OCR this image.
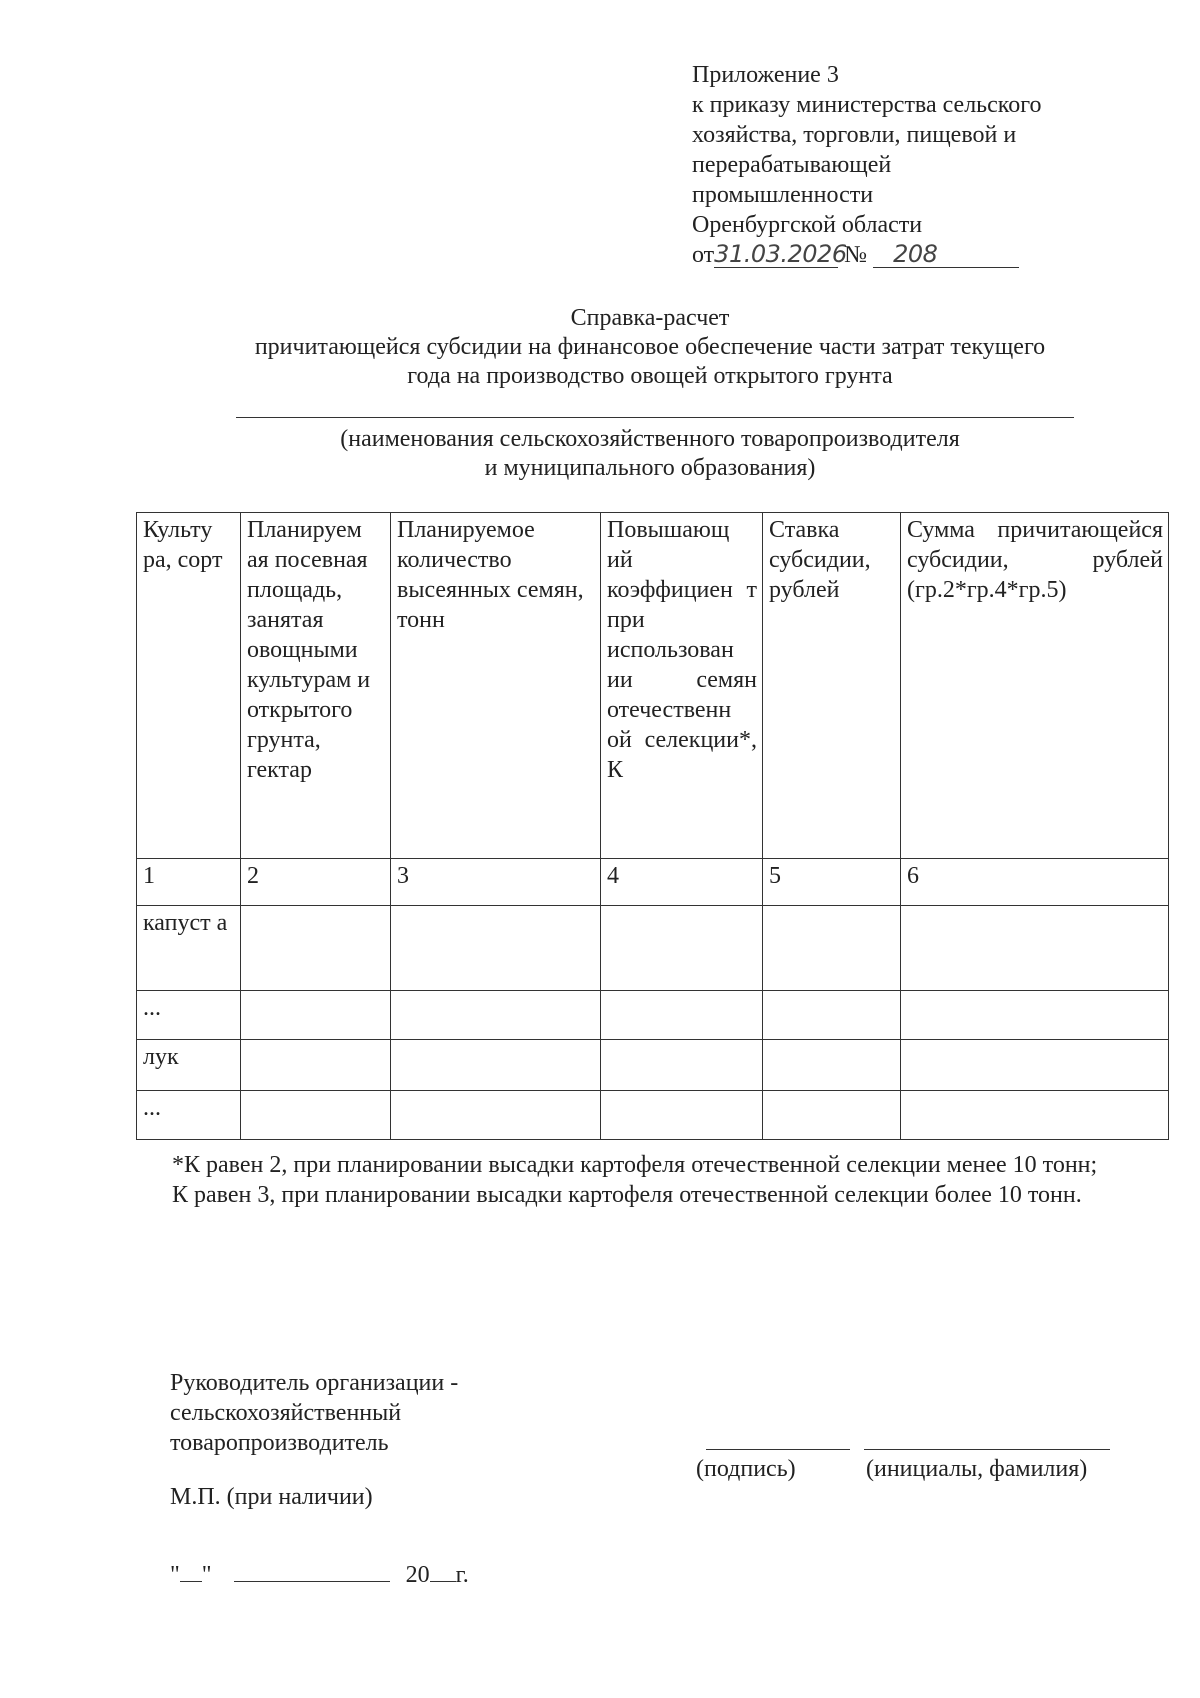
Приложение 3
к приказу министерства сельского
хозяйства, торговли, пищевой и
перерабатывающей
промышленности
Оренбургской области
от31.03.2026 № 208
Справка-расчет
причитающейся субсидии на финансовое обеспечение части затрат текущего
года на производство овощей открытого грунта
(наименования сельскохозяйственного товаропроизводителя
и муниципального образования)
Культу ра, сорт	Планируем ая посевная площадь, занятая овощными культурам и открытого грунта, гектар	Планируемое количество высеянных семян, тонн	Повышающ ий коэффициен т при использован ии семян отечественн ой селекции*, К	Ставка субсидии, рублей	Сумма причитающейся субсидии, рублей (гр.2*гр.4*гр.5)
1	2	3	4	5	6
капуст а					
...					
лук					
...					

*К равен 2, при планировании высадки картофеля отечественной селекции менее 10 тонн;

К равен 3, при планировании высадки картофеля отечественной селекции более 10 тонн.

Руководитель организации -
сельскохозяйственный
товаропроизводитель
(подпись)	(инициалы, фамилия)
М.П. (при наличии)
" "	20 г.
